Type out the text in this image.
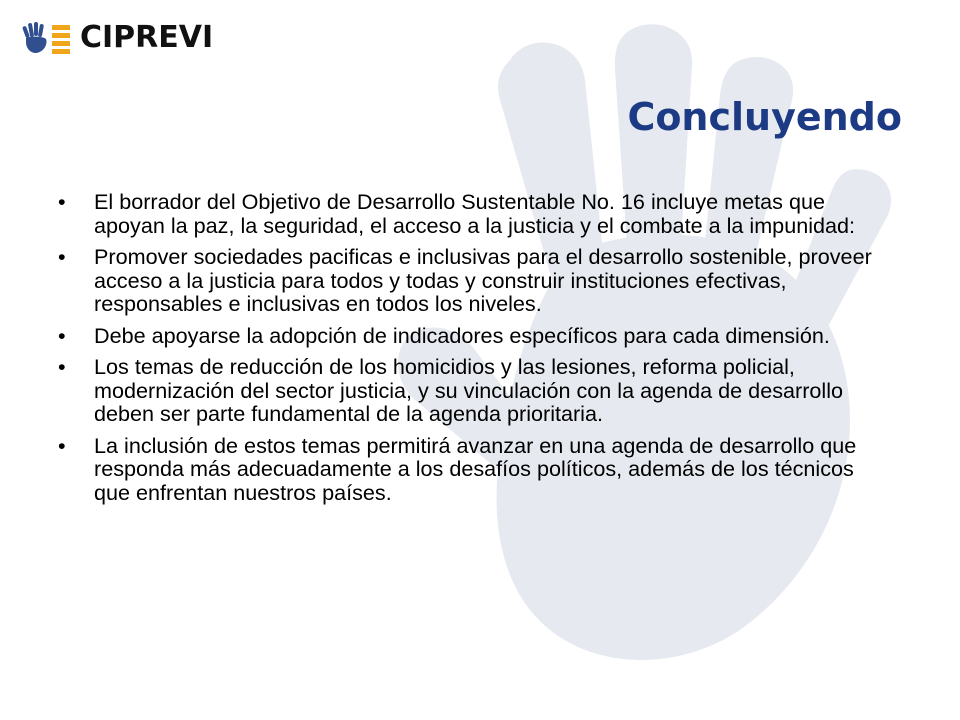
CIPREVI
Concluyendo
•	El borrador del Objetivo de Desarrollo Sustentable No. 16 incluye metas que apoyan la paz, la seguridad, el acceso a la justicia y el combate a la impunidad:
•	Promover sociedades pacificas e inclusivas para el desarrollo sostenible, proveer acceso a la justicia para todos y todas y construir instituciones efectivas, responsables e inclusivas en todos los niveles.
•	Debe apoyarse la adopción de indicadores específicos para cada dimensión.
•	Los temas de reducción de los homicidios y las lesiones, reforma policial, modernización del sector justicia, y su vinculación con la agenda de desarrollo deben ser parte fundamental de la agenda prioritaria.
•	La inclusión de estos temas permitirá avanzar en una agenda de desarrollo que responda más adecuadamente a los desafíos políticos, además de los técnicos que enfrentan nuestros países.
